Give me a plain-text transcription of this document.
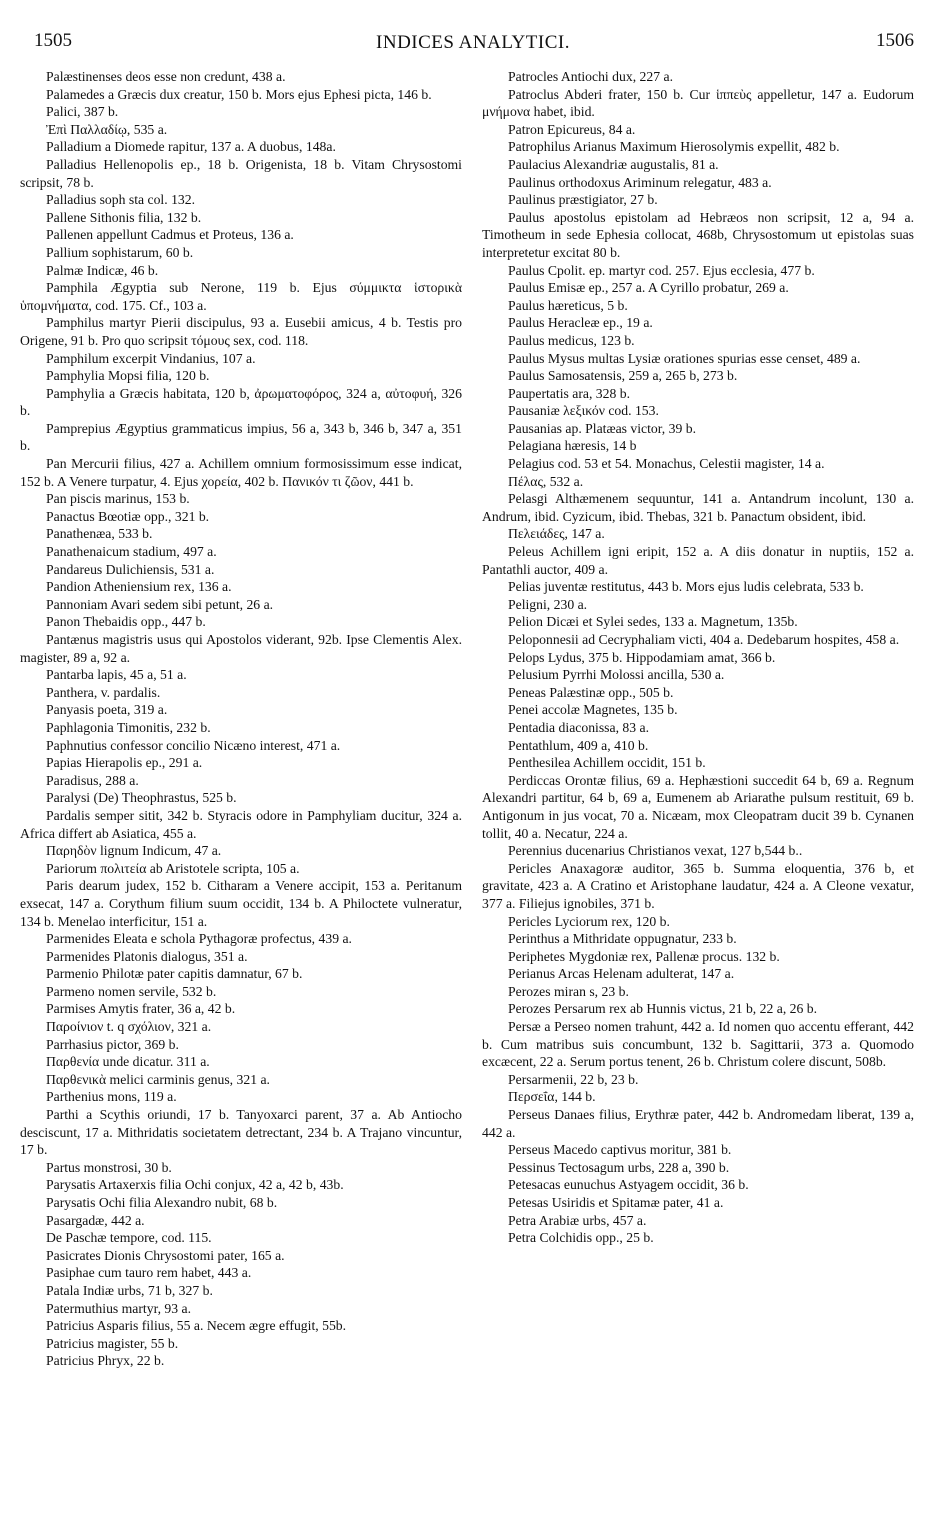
1505	INDICES ANALYTICI.	1506

Palæstinenses deos esse non credunt, 438 a.

Palamedes a Græcis dux creatur, 150 b. Mors ejus Ephesi picta, 146 b.

Palici, 387 b.

Ἐπὶ Παλλαδίῳ, 535 a.

Palladium a Diomede rapitur, 137 a. A duobus, 148a.

Palladius Hellenopolis ep., 18 b. Origenista, 18 b. Vitam Chrysostomi scripsit, 78 b.

Palladius soph sta col. 132.

Pallene Sithonis filia, 132 b.

Pallenen appellunt Cadmus et Proteus, 136 a.

Pallium sophistarum, 60 b.

Palmæ Indicæ, 46 b.

Pamphila Ægyptia sub Nerone, 119 b. Ejus σύμμικτα ἱστορικὰ ὑπομνήματα, cod. 175. Cf., 103 a.

Pamphilus martyr Pierii discipulus, 93 a. Eusebii amicus, 4 b. Testis pro Origene, 91 b. Pro quo scripsit τόμους sex, cod. 118.

Pamphilum excerpit Vindanius, 107 a.

Pamphylia Mopsi filia, 120 b.

Pamphylia a Græcis habitata, 120 b, ἀρωματοφόρος, 324 a, αὐτοφυή, 326 b.

Pamprepius Ægyptius grammaticus impius, 56 a, 343 b, 346 b, 347 a, 351 b.

Pan Mercurii filius, 427 a. Achillem omnium formosissimum esse indicat, 152 b. A Venere turpatur, 4. Ejus χορεία, 402 b. Πανικόν τι ζῶον, 441 b.

Pan piscis marinus, 153 b.

Panactus Bœotiæ opp., 321 b.

Panathenæa, 533 b.

Panathenaicum stadium, 497 a.

Pandareus Dulichiensis, 531 a.

Pandion Atheniensium rex, 136 a.

Pannoniam Avari sedem sibi petunt, 26 a.

Panon Thebaidis opp., 447 b.

Pantænus magistris usus qui Apostolos viderant, 92b. Ipse Clementis Alex. magister, 89 a, 92 a.

Pantarba lapis, 45 a, 51 a.

Panthera, v. pardalis.

Panyasis poeta, 319 a.

Paphlagonia Timonitis, 232 b.

Paphnutius confessor concilio Nicæno interest, 471 a.

Papias Hierapolis ep., 291 a.

Paradisus, 288 a.

Paralysi (De) Theophrastus, 525 b.

Pardalis semper sitit, 342 b. Styracis odore in Pamphyliam ducitur, 324 a. Africa differt ab Asiatica, 455 a.

Παρηδὸν lignum Indicum, 47 a.

Pariorum πολιτεία ab Aristotele scripta, 105 a.

Paris dearum judex, 152 b. Citharam a Venere accipit, 153 a. Peritanum exsecat, 147 a. Corythum filium suum occidit, 134 b. A Philoctete vulneratur, 134 b. Menelao interficitur, 151 a.

Parmenides Eleata e schola Pythagoræ profectus, 439 a.

Parmenides Platonis dialogus, 351 a.

Parmenio Philotæ pater capitis damnatur, 67 b.

Parmeno nomen servile, 532 b.

Parmises Amytis frater, 36 a, 42 b.

Παροίνιον t. q σχόλιον, 321 a.

Parrhasius pictor, 369 b.

Παρθενία unde dicatur. 311 a.

Παρθενικὰ melici carminis genus, 321 a.

Parthenius mons, 119 a.

Parthi a Scythis oriundi, 17 b. Tanyoxarci parent, 37 a. Ab Antiocho desciscunt, 17 a. Mithridatis societatem detrectant, 234 b. A Trajano vincuntur, 17 b.

Partus monstrosi, 30 b.

Parysatis Artaxerxis filia Ochi conjux, 42 a, 42 b, 43b.

Parysatis Ochi filia Alexandro nubit, 68 b.

Pasargadæ, 442 a.

De Paschæ tempore, cod. 115.

Pasicrates Dionis Chrysostomi pater, 165 a.

Pasiphae cum tauro rem habet, 443 a.

Patala Indiæ urbs, 71 b, 327 b.

Patermuthius martyr, 93 a.

Patricius Asparis filius, 55 a. Necem ægre effugit, 55b.

Patricius magister, 55 b.

Patricius Phryx, 22 b.

Patrocles Antiochi dux, 227 a.

Patroclus Abderi frater, 150 b. Cur ἱππεὺς appelletur, 147 a. Eudorum μνήμονα habet, ibid.

Patron Epicureus, 84 a.

Patrophilus Arianus Maximum Hierosolymis expellit, 482 b.

Paulacius Alexandriæ augustalis, 81 a.

Paulinus orthodoxus Ariminum relegatur, 483 a.

Paulinus præstigiator, 27 b.

Paulus apostolus epistolam ad Hebræos non scripsit, 12 a, 94 a. Timotheum in sede Ephesia collocat, 468b, Chrysostomum ut epistolas suas interpretetur excitat 80 b.

Paulus Cpolit. ep. martyr cod. 257. Ejus ecclesia, 477 b.

Paulus Emisæ ep., 257 a. A Cyrillo probatur, 269 a.

Paulus hæreticus, 5 b.

Paulus Heracleæ ep., 19 a.

Paulus medicus, 123 b.

Paulus Mysus multas Lysiæ orationes spurias esse censet, 489 a.

Paulus Samosatensis, 259 a, 265 b, 273 b.

Paupertatis ara, 328 b.

Pausaniæ λεξικόν cod. 153.

Pausanias ap. Platæas victor, 39 b.

Pelagiana hæresis, 14 b

Pelagius cod. 53 et 54. Monachus, Celestii magister, 14 a.

Πέλας, 532 a.

Pelasgi Althæmenem sequuntur, 141 a. Antandrum incolunt, 130 a. Andrum, ibid. Cyzicum, ibid. Thebas, 321 b. Panactum obsident, ibid.

Πελειάδες, 147 a.

Peleus Achillem igni eripit, 152 a. A diis donatur in nuptiis, 152 a. Pantathli auctor, 409 a.

Pelias juventæ restitutus, 443 b. Mors ejus ludis celebrata, 533 b.

Peligni, 230 a.

Pelion Dicæi et Sylei sedes, 133 a. Magnetum, 135b.

Peloponnesii ad Cecryphaliam victi, 404 a. Dedebarum hospites, 458 a.

Pelops Lydus, 375 b. Hippodamiam amat, 366 b.

Pelusium Pyrrhi Molossi ancilla, 530 a.

Peneas Palæstinæ opp., 505 b.

Penei accolæ Magnetes, 135 b.

Pentadia diaconissa, 83 a.

Pentathlum, 409 a, 410 b.

Penthesilea Achillem occidit, 151 b.

Perdiccas Orontæ filius, 69 a. Hephæstioni succedit 64 b, 69 a. Regnum Alexandri partitur, 64 b, 69 a, Eumenem ab Ariarathe pulsum restituit, 69 b. Antigonum in jus vocat, 70 a. Nicæam, mox Cleopatram ducit 39 b. Cynanen tollit, 40 a. Necatur, 224 a.

Perennius ducenarius Christianos vexat, 127 b,544 b..

Pericles Anaxagoræ auditor, 365 b. Summa eloquentia, 376 b, et gravitate, 423 a. A Cratino et Aristophane laudatur, 424 a. A Cleone vexatur, 377 a. Filiejus ignobiles, 371 b.

Pericles Lyciorum rex, 120 b.

Perinthus a Mithridate oppugnatur, 233 b.

Periphetes Mygdoniæ rex, Pallenæ procus. 132 b.

Perianus Arcas Helenam adulterat, 147 a.

Perozes miran s, 23 b.

Perozes Persarum rex ab Hunnis victus, 21 b, 22 a, 26 b.

Persæ a Perseo nomen trahunt, 442 a. Id nomen quo accentu efferant, 442 b. Cum matribus suis concumbunt, 132 b. Sagittarii, 373 a. Quomodo excæcent, 22 a. Serum portus tenent, 26 b. Christum colere discunt, 508b.

Persarmenii, 22 b, 23 b.

Περσεΐα, 144 b.

Perseus Danaes filius, Erythræ pater, 442 b. Andromedam liberat, 139 a, 442 a.

Perseus Macedo captivus moritur, 381 b.

Pessinus Tectosagum urbs, 228 a, 390 b.

Petesacas eunuchus Astyagem occidit, 36 b.

Petesas Usiridis et Spitamæ pater, 41 a.

Petra Arabiæ urbs, 457 a.

Petra Colchidis opp., 25 b.
